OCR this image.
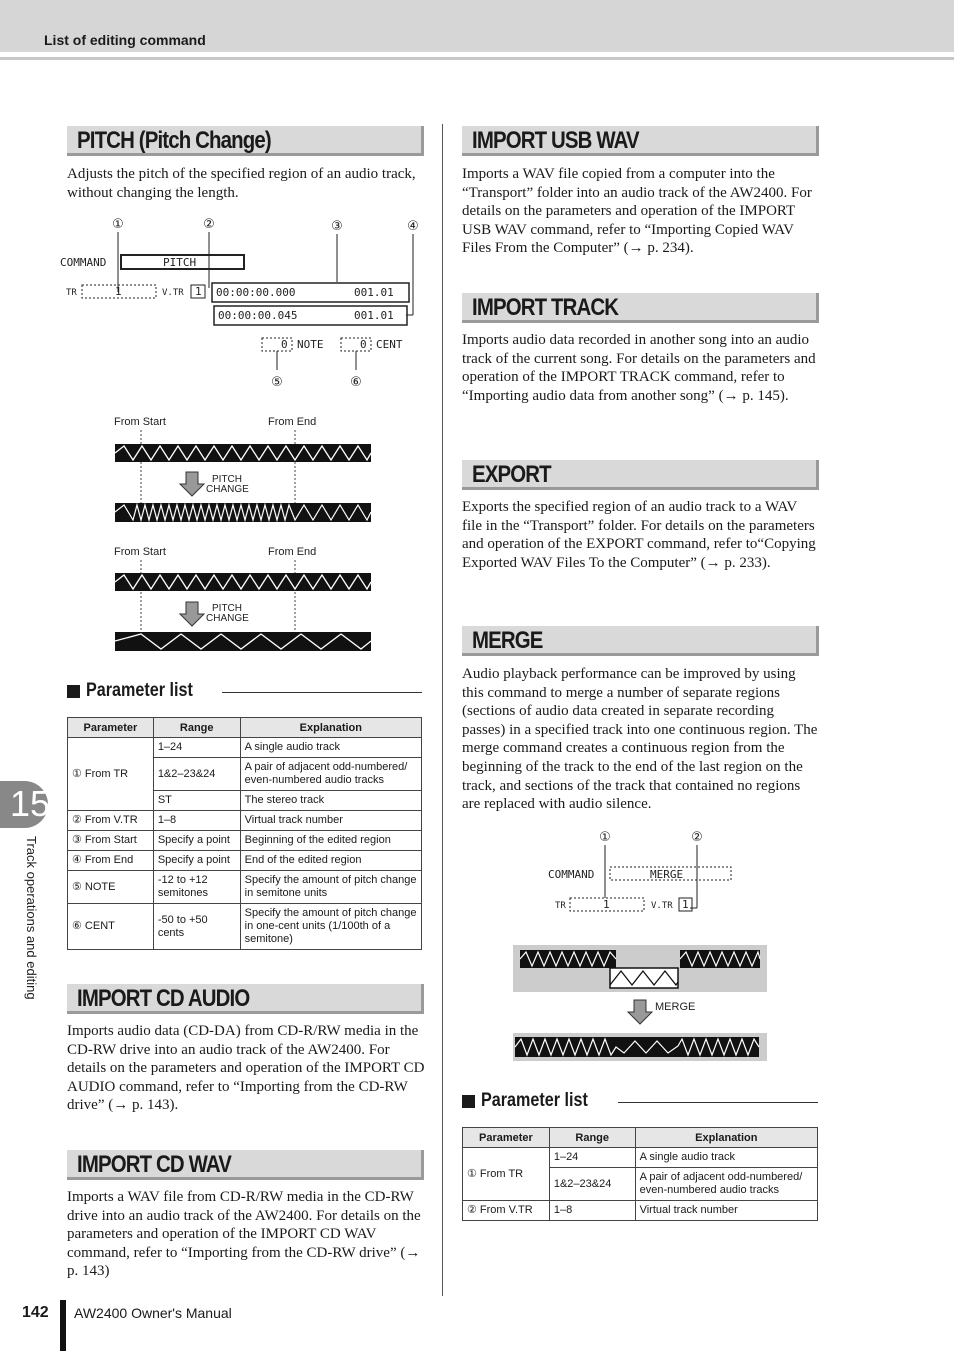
List of editing command
PITCH (Pitch Change)
Adjusts the pitch of the specified region of an audio track, without changing the length.
①	②	③	④
⑤	⑥
COMMAND	PITCH
TR	1	V.TR 1 00:00:00.000	001.01
00:00:00.045	001.01
0 NOTE	0 CENT
From Start	From End
PITCH
CHANGE
From Start	From End
PITCH
CHANGE
Parameter list
Parameter	Range	Explanation
① From TR	1–24	A single audio track
	1&2–23&24	A pair of adjacent odd-numbered/ even-numbered audio tracks
	ST	The stereo track
② From V.TR	1–8	Virtual track number
③ From Start	Specify a point	Beginning of the edited region
④ From End	Specify a point	End of the edited region
⑤ NOTE	-12 to +12 semitones	Specify the amount of pitch change in semitone units
⑥ CENT	-50 to +50 cents	Specify the amount of pitch change in one-cent units (1/100th of a semitone)
IMPORT CD AUDIO
Imports audio data (CD-DA) from CD-R/RW media in the CD-RW drive into an audio track of the AW2400. For details on the parameters and operation of the IMPORT CD AUDIO command, refer to “Importing from the CD-RW drive” (→ p. 143).
IMPORT CD WAV
Imports a WAV file from CD-R/RW media in the CD-RW drive into an audio track of the AW2400. For details on the parameters and operation of the IMPORT CD WAV command, refer to “Importing from the CD-RW drive” (→ p. 143)
IMPORT USB WAV
Imports a WAV file copied from a computer into the “Transport” folder into an audio track of the AW2400. For details on the parameters and operation of the IMPORT USB WAV command, refer to “Importing Copied WAV Files From the Computer” (→ p. 234).
IMPORT TRACK
Imports audio data recorded in another song into an audio track of the current song. For details on the parameters and operation of the IMPORT TRACK command, refer to “Importing audio data from another song” (→ p. 145).
EXPORT
Exports the specified region of an audio track to a WAV file in the “Transport” folder. For details on the parameters and operation of the EXPORT command, refer to“Copying Exported WAV Files To the Computer” (→ p. 233).
MERGE
Audio playback performance can be improved by using this command to merge a number of separate regions (sections of audio data created in separate recording passes) in a specified track into one continuous region. The merge command creates a continuous region from the beginning of the track to the end of the last region on the track, and sections of the track that contained no regions are replaced with audio silence.
①	②
COMMAND	MERGE
TR	1	V.TR 1
MERGE
Parameter list
Parameter	Range	Explanation
① From TR	1–24	A single audio track
	1&2–23&24	A pair of adjacent odd-numbered/ even-numbered audio tracks
② From V.TR	1–8	Virtual track number
15
Track operations and editing
142 AW2400 Owner's Manual
